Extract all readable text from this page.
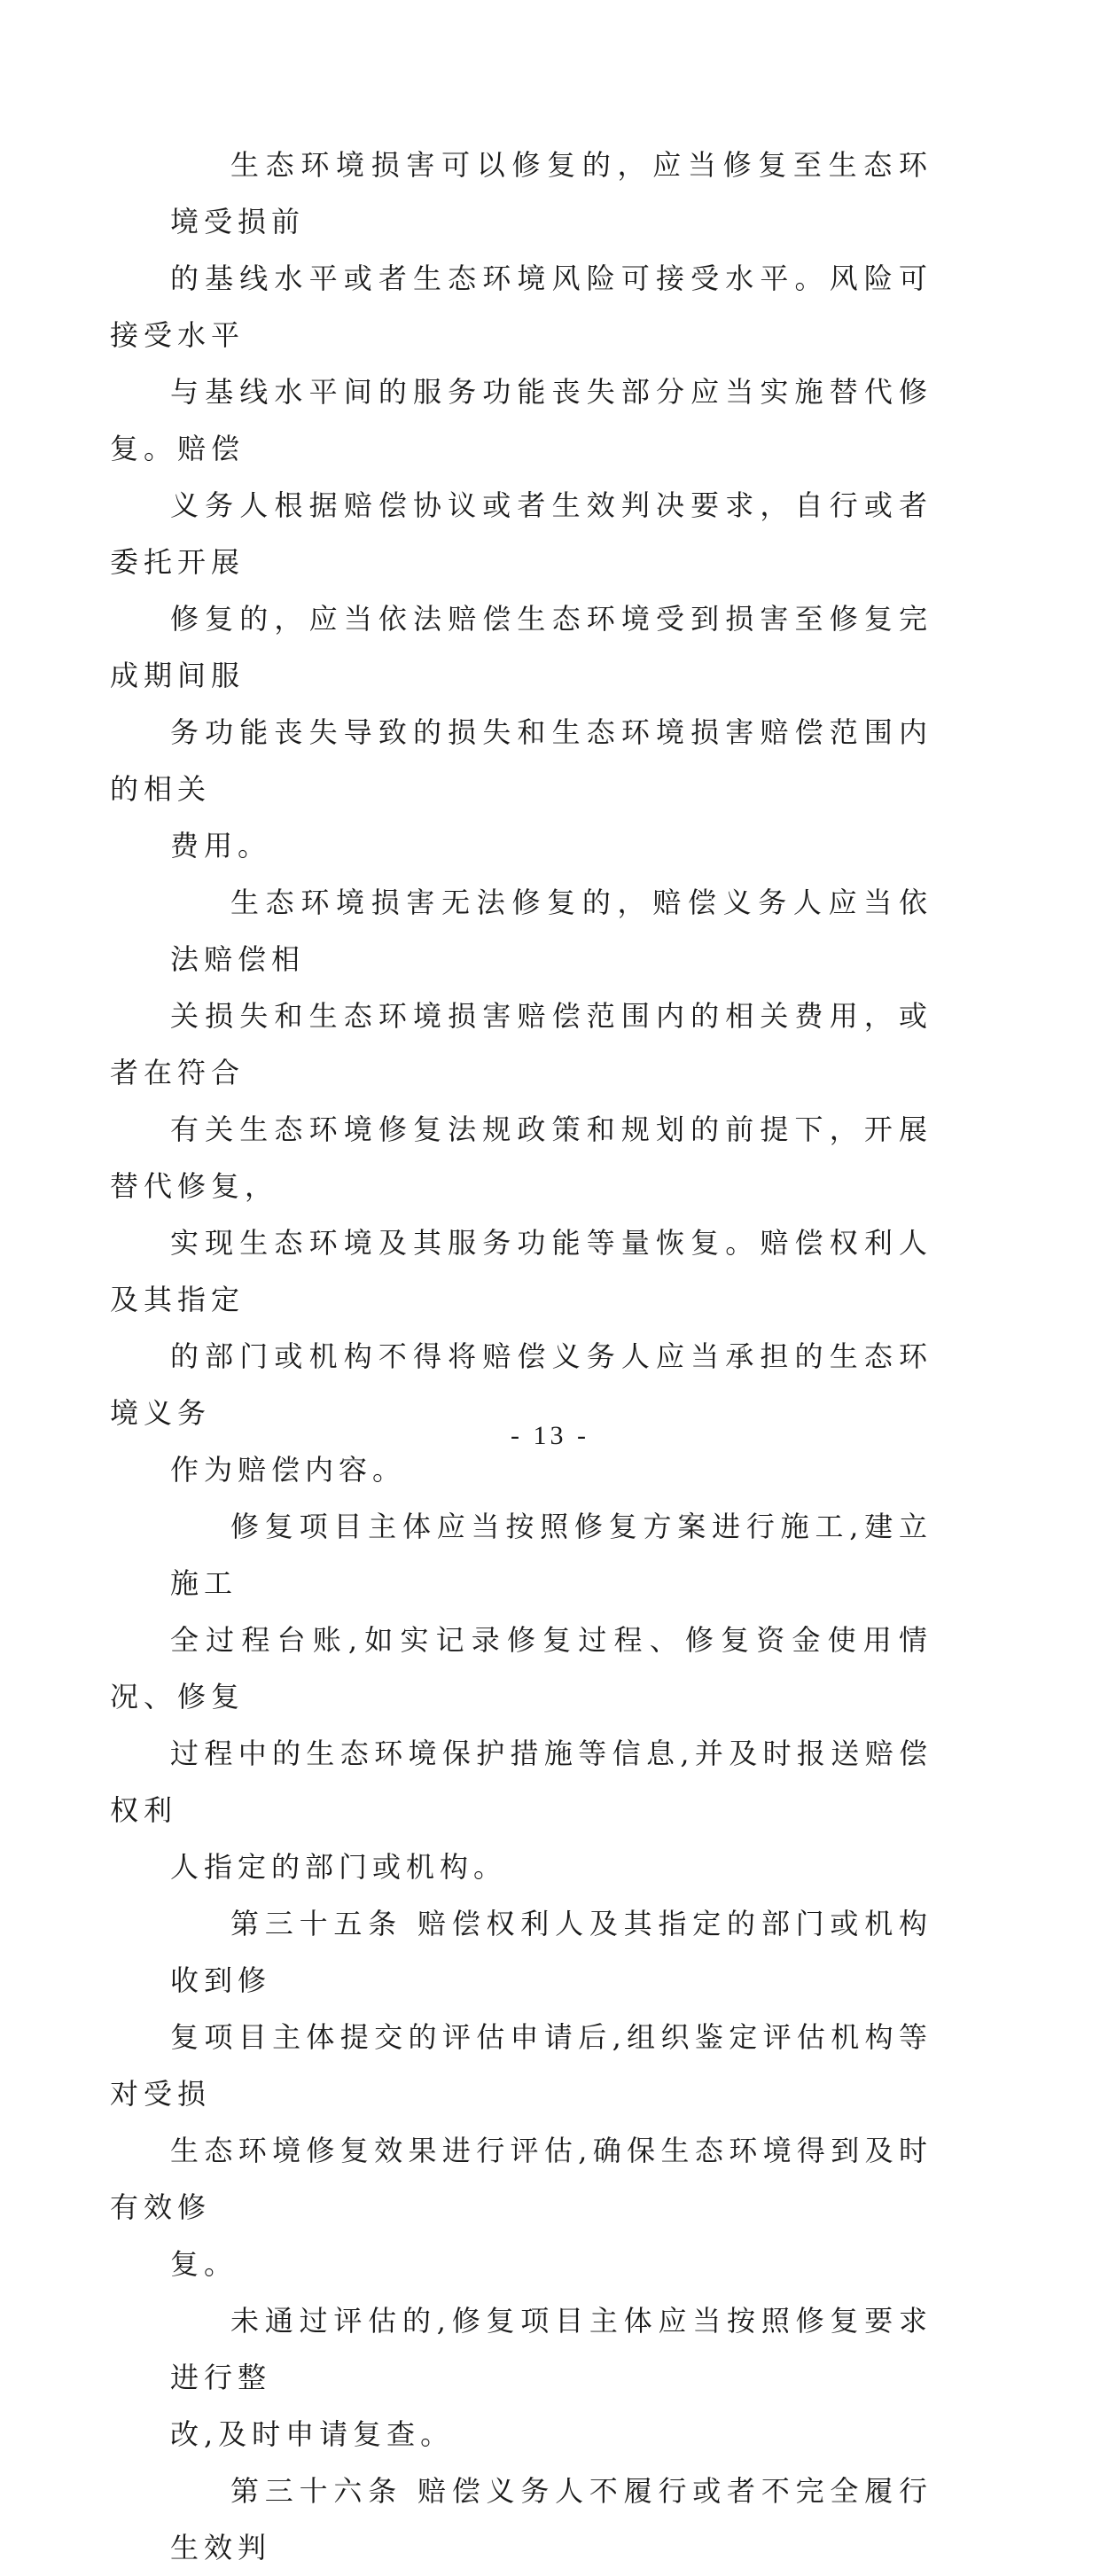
生态环境损害可以修复的，应当修复至生态环境受损前
的基线水平或者生态环境风险可接受水平。风险可接受水平
与基线水平间的服务功能丧失部分应当实施替代修复。赔偿
义务人根据赔偿协议或者生效判决要求，自行或者委托开展
修复的，应当依法赔偿生态环境受到损害至修复完成期间服
务功能丧失导致的损失和生态环境损害赔偿范围内的相关
费用。

生态环境损害无法修复的，赔偿义务人应当依法赔偿相
关损失和生态环境损害赔偿范围内的相关费用，或者在符合
有关生态环境修复法规政策和规划的前提下，开展替代修复，
实现生态环境及其服务功能等量恢复。赔偿权利人及其指定
的部门或机构不得将赔偿义务人应当承担的生态环境义务
作为赔偿内容。

修复项目主体应当按照修复方案进行施工,建立施工
全过程台账,如实记录修复过程、修复资金使用情况、修复
过程中的生态环境保护措施等信息,并及时报送赔偿权利
人指定的部门或机构。

第三十五条 赔偿权利人及其指定的部门或机构收到修
复项目主体提交的评估申请后,组织鉴定评估机构等对受损
生态环境修复效果进行评估,确保生态环境得到及时有效修
复。

未通过评估的,修复项目主体应当按照修复要求进行整
改,及时申请复查。

第三十六条 赔偿义务人不履行或者不完全履行生效判

- 13 -
